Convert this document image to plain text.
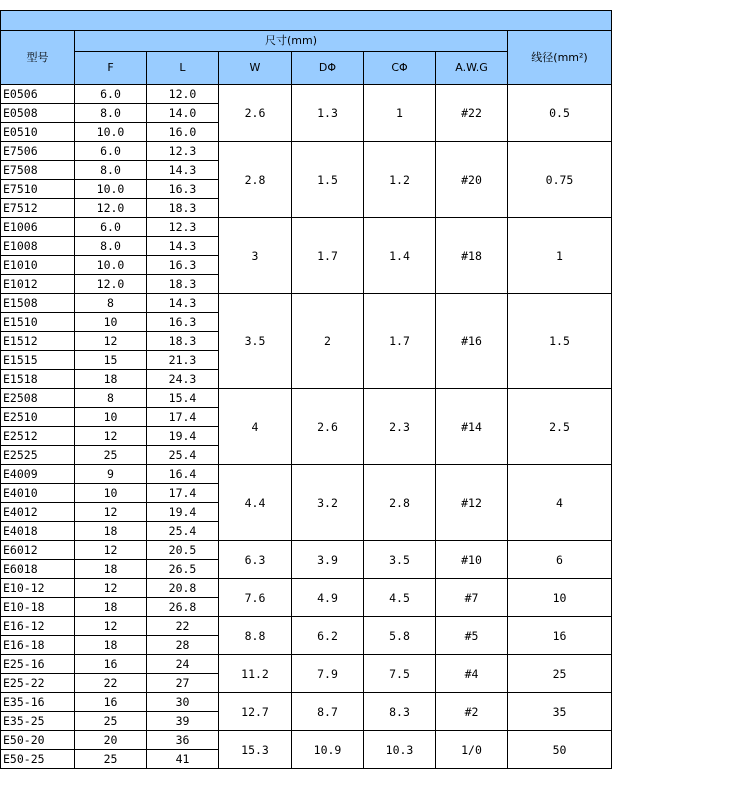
型号	尺寸(mm)						线径(mm²)
	F	L	W	DΦ	CΦ	A.W.G	
E0506	6.0	12.0	2.6	1.3	1	#22	0.5
E0508	8.0	14.0					
E0510	10.0	16.0					
E7506	6.0	12.3	2.8	1.5	1.2	#20	0.75
E7508	8.0	14.3					
E7510	10.0	16.3					
E7512	12.0	18.3					
E1006	6.0	12.3	3	1.7	1.4	#18	1
E1008	8.0	14.3					
E1010	10.0	16.3					
E1012	12.0	18.3					
E1508	8	14.3	3.5	2	1.7	#16	1.5
E1510	10	16.3					
E1512	12	18.3					
E1515	15	21.3					
E1518	18	24.3					
E2508	8	15.4	4	2.6	2.3	#14	2.5
E2510	10	17.4					
E2512	12	19.4					
E2525	25	25.4					
E4009	9	16.4	4.4	3.2	2.8	#12	4
E4010	10	17.4					
E4012	12	19.4					
E4018	18	25.4					
E6012	12	20.5	6.3	3.9	3.5	#10	6
E6018	18	26.5					
E10-12	12	20.8	7.6	4.9	4.5	#7	10
E10-18	18	26.8					
E16-12	12	22	8.8	6.2	5.8	#5	16
E16-18	18	28					
E25-16	16	24	11.2	7.9	7.5	#4	25
E25-22	22	27					
E35-16	16	30	12.7	8.7	8.3	#2	35
E35-25	25	39					
E50-20	20	36	15.3	10.9	10.3	1/0	50
E50-25	25	41					
